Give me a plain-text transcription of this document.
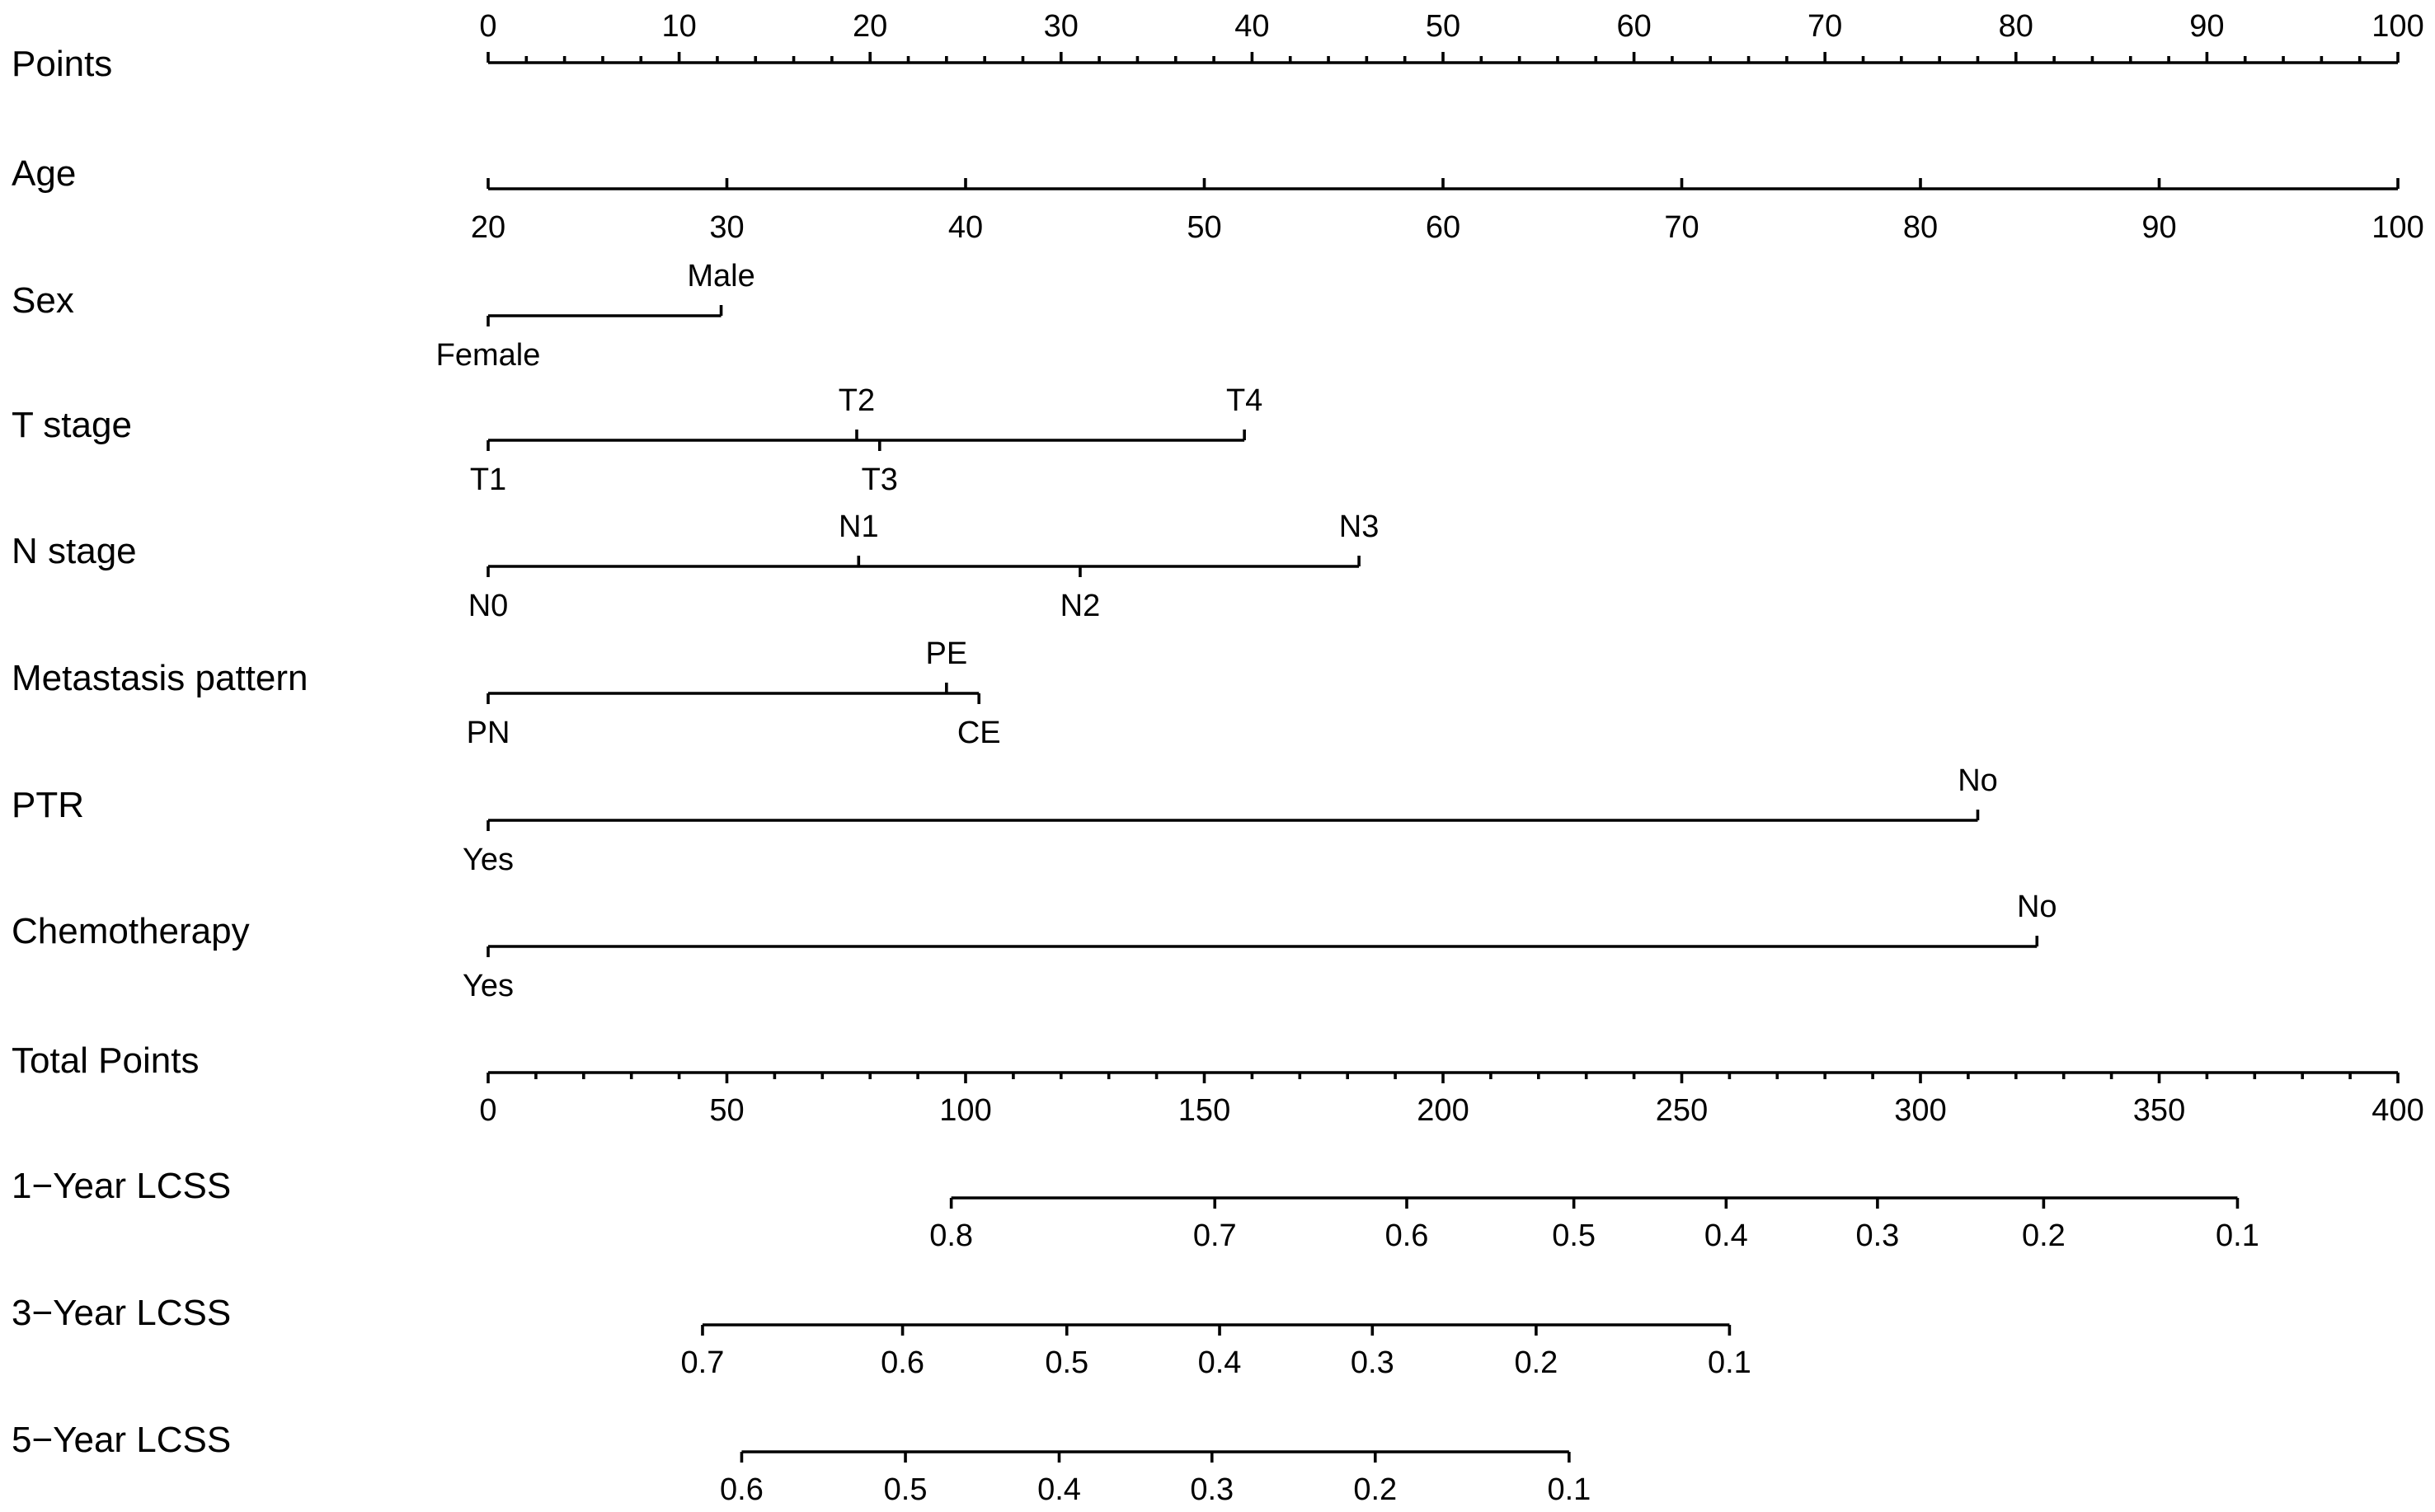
Points
0	10	20	30	40	50	60	70	80	90	100
Age
20	30	40	50	60	70	80	90	100
Sex
Female
Male
T stage
T1
T2
T3
T4
N stage
N0
N1
N2
N3
Metastasis pattern
PN
PE
CE
PTR
Yes
No
Chemotherapy
Yes
No
Total Points
0	50	100	150	200	250	300	350	400
1−Year LCSS
0.8	0.7	0.6	0.5	0.4	0.3	0.2	0.1
3−Year LCSS
0.7	0.6	0.5	0.4	0.3	0.2	0.1
5−Year LCSS
0.6	0.5	0.4	0.3	0.2	0.1
